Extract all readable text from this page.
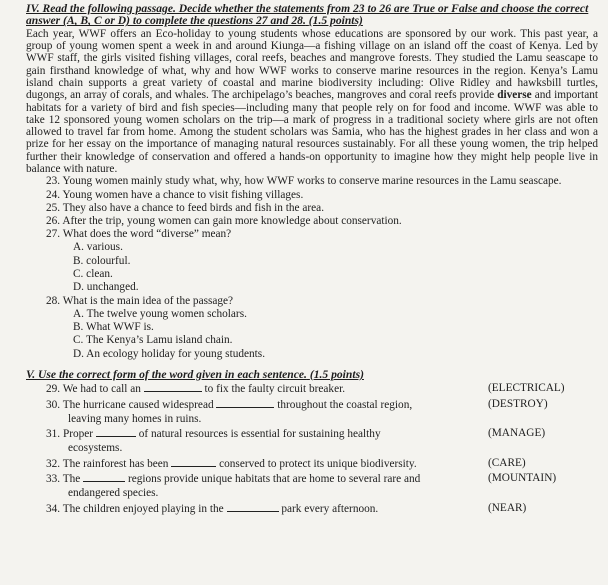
IV. Read the following passage. Decide whether the statements from 23 to 26 are True or False and choose the correct answer (A, B, C or D) to complete the questions 27 and 28. (1.5 points)

Each year, WWF offers an Eco-holiday to young students whose educations are sponsored by our work. This past year, a group of young women spent a week in and around Kiunga—a fishing village on an island off the coast of Kenya. Led by WWF staff, the girls visited fishing villages, coral reefs, beaches and mangrove forests. They studied the Lamu seascape to gain firsthand knowledge of what, why and how WWF works to conserve marine resources in the region. Kenya’s Lamu island chain supports a great variety of coastal and marine biodiversity including: Olive Ridley and hawksbill turtles, dugongs, an array of corals, and whales. The archipelago’s beaches, mangroves and coral reefs provide diverse and important habitats for a variety of bird and fish species—including many that people rely on for food and income. WWF was able to take 12 sponsored young women scholars on the trip—a mark of progress in a traditional society where girls are not often allowed to travel far from home. Among the student scholars was Samia, who has the highest grades in her class and won a prize for her essay on the importance of managing natural resources sustainably. For all these young women, the trip helped further their knowledge of conservation and offered a hands-on opportunity to imagine how they might help people live in balance with nature.

23. Young women mainly study what, why, how WWF works to conserve marine resources in the Lamu seascape.

24. Young women have a chance to visit fishing villages.

25. They also have a chance to feed birds and fish in the area.

26. After the trip, young women can gain more knowledge about conservation.

27. What does the word “diverse” mean?

A. various.

B. colourful.

C. clean.

D. unchanged.

28. What is the main idea of the passage?

A. The twelve young women scholars.

B. What WWF is.

C. The Kenya’s Lamu island chain.

D. An ecology holiday for young students.

V. Use the correct form of the word given in each sentence. (1.5 points)

29. We had to call an	to fix the faulty circuit breaker.	(ELECTRICAL)
30. The hurricane caused widespread	throughout the coastal region,	(DESTROY)

leaving many homes in ruins.

31. Proper	of natural resources is essential for sustaining healthy	(MANAGE)

ecosystems.

32. The rainforest has been	conserved to protect its unique biodiversity.	(CARE)
33. The	regions provide unique habitats that are home to several rare and	(MOUNTAIN)

endangered species.

34. The children enjoyed playing in the	park every afternoon.	(NEAR)
